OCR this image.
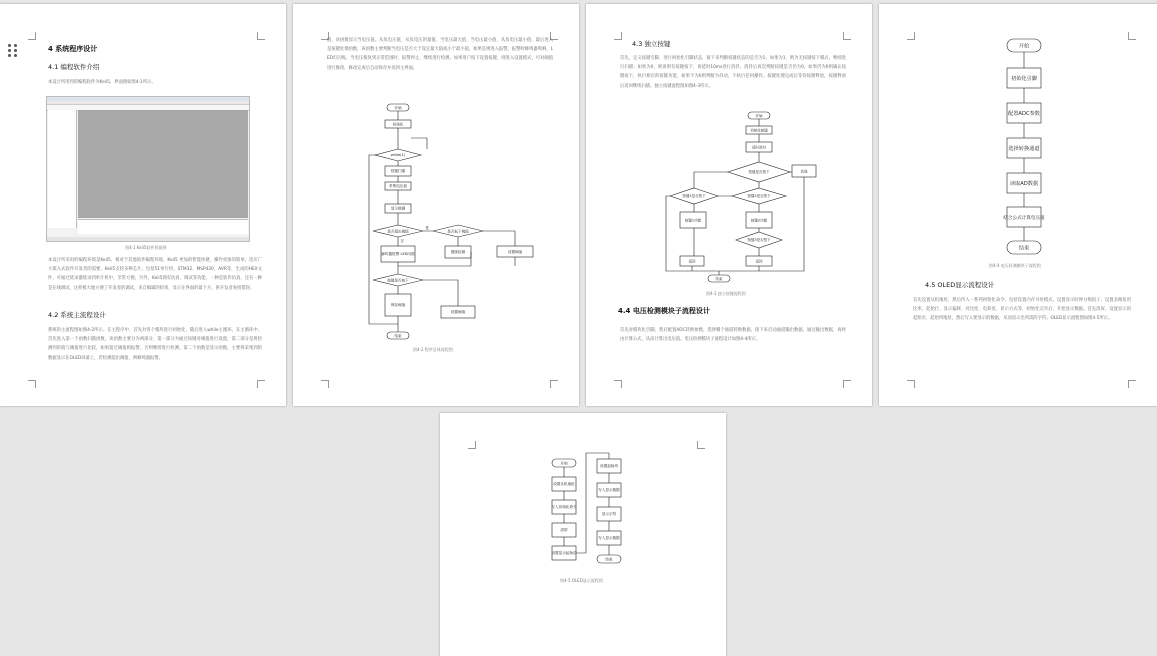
4 系统程序设计
4.1 编程软件介绍
本设计所用到的编程软件为Keil5，界面图如图4-1所示。
图4-1 Keil5软件界面图
本设计所采用的编程环境是Keil5，相对于其他软件编程环境，Keil5 更加的智能快捷，操作更加的简单。适应广大嵌入式软件开发者的需要。Keil5支持多种芯片，包括51单片机、STM32、MSP430、AVR等，生成的HEX文件、可通过烧录器烧录到单片机中。非常方便。另外，Keil5拥有仿真、调试等功能，一种是软件仿真，还有一种是在线调试，这样极大地方便了开发者的调试，来自编辑的结果，显示在界面的最下方，供开发者查找错误。
4.2 系统主流程设计
系统的主流程图如图4-2所示。在主程序中，首先对各个模块进行初始化，随后进入while主循环。在主循环中，首先进入第一个函数扫描函数，该函数主要分为两部分，第一部分为通过按键对阈值进行设置，第二部分是将检测到的值与阈值进行比较，如果超过阈值则报警，否则继续进行检测。第二个函数是显示函数，主要将采集到的数据显示在OLED屏幕上，若检测超出阈值，则蜂鸣器报警。
值，该函数显示当电压值。从负电压值、从负电压的量值、当电压最大值、当电压最小值、从负电压最小值、最后进入是按键处理函数，该函数主要判断当电压是否大于设定最大值或小于最小值，如果是则进入报警，报警时蜂鸣器鸣响，LED灯闪烁，当电压恢复到正常范围时，报警停止，继续进行检测。如果用户按下设置按键，则进入设置模式，可对阈值进行修改，修改完成后自动保存并返回主界面。
开始
初始化
while(1)
按键扫描
采集电压值
显示数据
是否超出阈值	是否低于阈值
继续检测
蜂鸣器报警 LED闪烁
设置阈值
按键是否按下
保存阈值
设置阈值
结束
是
否
图4-2 程序总体流程图
4.3 独立按键
首先，定义按键引脚，进行初始化引脚状态，接下来判断按键状态的是否为1，如果为1，则为无按键按下模式，继续进行扫描；如果为0，则说明有按键按下，再延时10ms进行消抖，消抖后再次判断按键是否仍为0，如果仍为0则确认按键按下，执行相应的按键功能，如果不为0则判断为抖动，不执行任何操作。按键处理完成后等待按键释放，按键释放后返回继续扫描。独立按键流程图如图4-3所示。
开始
初始化按键
延时消抖
按键是否按下	其他
按键1是否按下	按键2是否按下
按键1功能	按键2功能
按键3是否按下
返回	返回
结束
图4-3 独立按键流程图
4.4 电压检测模块子流程设计
首先对模块化引脚，然后配置ADC转换参数，选择哪个通道转换数据，接下来启动通道输出数据，通过输出数据，再经由计算公式，从而计算出电压值。电压检测模块子流程设计如图4-4所示。
开始
初始化引脚
配置ADC参数
选择转换通道
读取AD数据
结合公式计算电压值
结束
图4-4 电压检测模块子流程图
4.5 OLED显示流程设计
首先设置从机地址，然后传入一系列初始化命令，包括设置内存寻址模式、设置显示时钟分频因子、设置多路复用比率、起始行、显示偏移、对比度、电荷泵、显示方式等，初始化完毕后，开始显示数据。首先清屏，设置显示的起始页、起始列地址，然后写入要显示的数据，从而显示出所需的字符。OLED显示流程图如图4-5所示。
开始
设置从机地址
写入初始化命令
清屏
设置显示起始页
设置起始列
写入显示数据
显示字符
写入显示数据
结束
图4-5 OLED显示流程图
